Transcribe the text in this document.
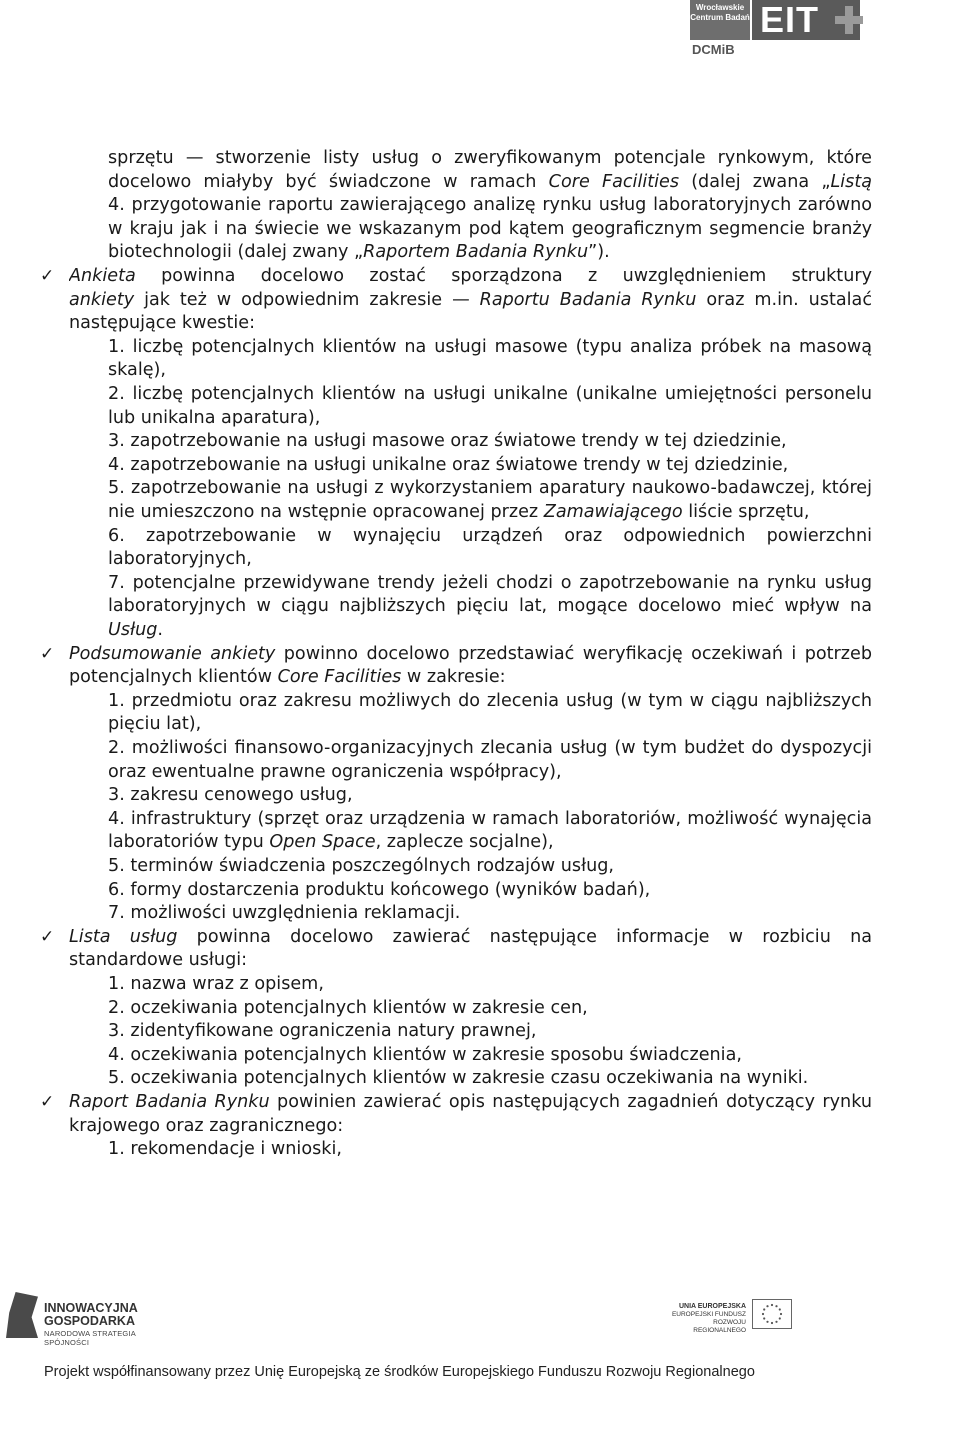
Wrocławskie Centrum Badań EIT
DCMiB
sprzętu — stworzenie listy usług o zweryfikowanym potencjale rynkowym, które
docelowo miałyby być świadczone w ramach Core Facilities (dalej zwana „Listą
4. przygotowanie raportu zawierającego analizę rynku usług laboratoryjnych zarówno
w kraju jak i na świecie we wskazanym pod kątem geograficznym segmencie branży
biotechnologii (dalej zwany „Raportem Badania Rynku”).
Ankieta powinna docelowo zostać sporządzona z uwzględnieniem struktury
✓
ankiety jak też w odpowiednim zakresie — Raportu Badania Rynku oraz m.in. ustalać
następujące kwestie:
1. liczbę potencjalnych klientów na usługi masowe (typu analiza próbek na masową
skalę),
2. liczbę potencjalnych klientów na usługi unikalne (unikalne umiejętności personelu
lub unikalna aparatura),
3. zapotrzebowanie na usługi masowe oraz światowe trendy w tej dziedzinie,
4. zapotrzebowanie na usługi unikalne oraz światowe trendy w tej dziedzinie,
5. zapotrzebowanie na usługi z wykorzystaniem aparatury naukowo-badawczej, której
nie umieszczono na wstępnie opracowanej przez Zamawiającego liście sprzętu,
6. zapotrzebowanie w wynajęciu urządzeń oraz odpowiednich powierzchni
laboratoryjnych,
7. potencjalne przewidywane trendy jeżeli chodzi o zapotrzebowanie na rynku usług
laboratoryjnych w ciągu najbliższych pięciu lat, mogące docelowo mieć wpływ na
Usług.
Podsumowanie ankiety powinno docelowo przedstawiać weryfikację oczekiwań i potrzeb
✓
potencjalnych klientów Core Facilities w zakresie:
1. przedmiotu oraz zakresu możliwych do zlecenia usług (w tym w ciągu najbliższych
pięciu lat),
2. możliwości finansowo-organizacyjnych zlecania usług (w tym budżet do dyspozycji
oraz ewentualne prawne ograniczenia współpracy),
3. zakresu cenowego usług,
4. infrastruktury (sprzęt oraz urządzenia w ramach laboratoriów, możliwość wynajęcia
laboratoriów typu Open Space, zaplecze socjalne),
5. terminów świadczenia poszczególnych rodzajów usług,
6. formy dostarczenia produktu końcowego (wyników badań),
7. możliwości uwzględnienia reklamacji.
Lista usług powinna docelowo zawierać następujące informacje w rozbiciu na
✓
standardowe usługi:
1. nazwa wraz z opisem,
2. oczekiwania potencjalnych klientów w zakresie cen,
3. zidentyfikowane ograniczenia natury prawnej,
4. oczekiwania potencjalnych klientów w zakresie sposobu świadczenia,
5. oczekiwania potencjalnych klientów w zakresie czasu oczekiwania na wyniki.
Raport Badania Rynku powinien zawierać opis następujących zagadnień dotyczący rynku
✓
krajowego oraz zagranicznego:
1. rekomendacje i wnioski,
INNOWACYJNA
GOSPODARKA
NARODOWA STRATEGIA SPÓJNOŚCI
UNIA EUROPEJSKA
EUROPEJSKI FUNDUSZ
ROZWOJU REGIONALNEGO
Projekt współfinansowany przez Unię Europejską ze środków Europejskiego Funduszu Rozwoju Regionalnego
